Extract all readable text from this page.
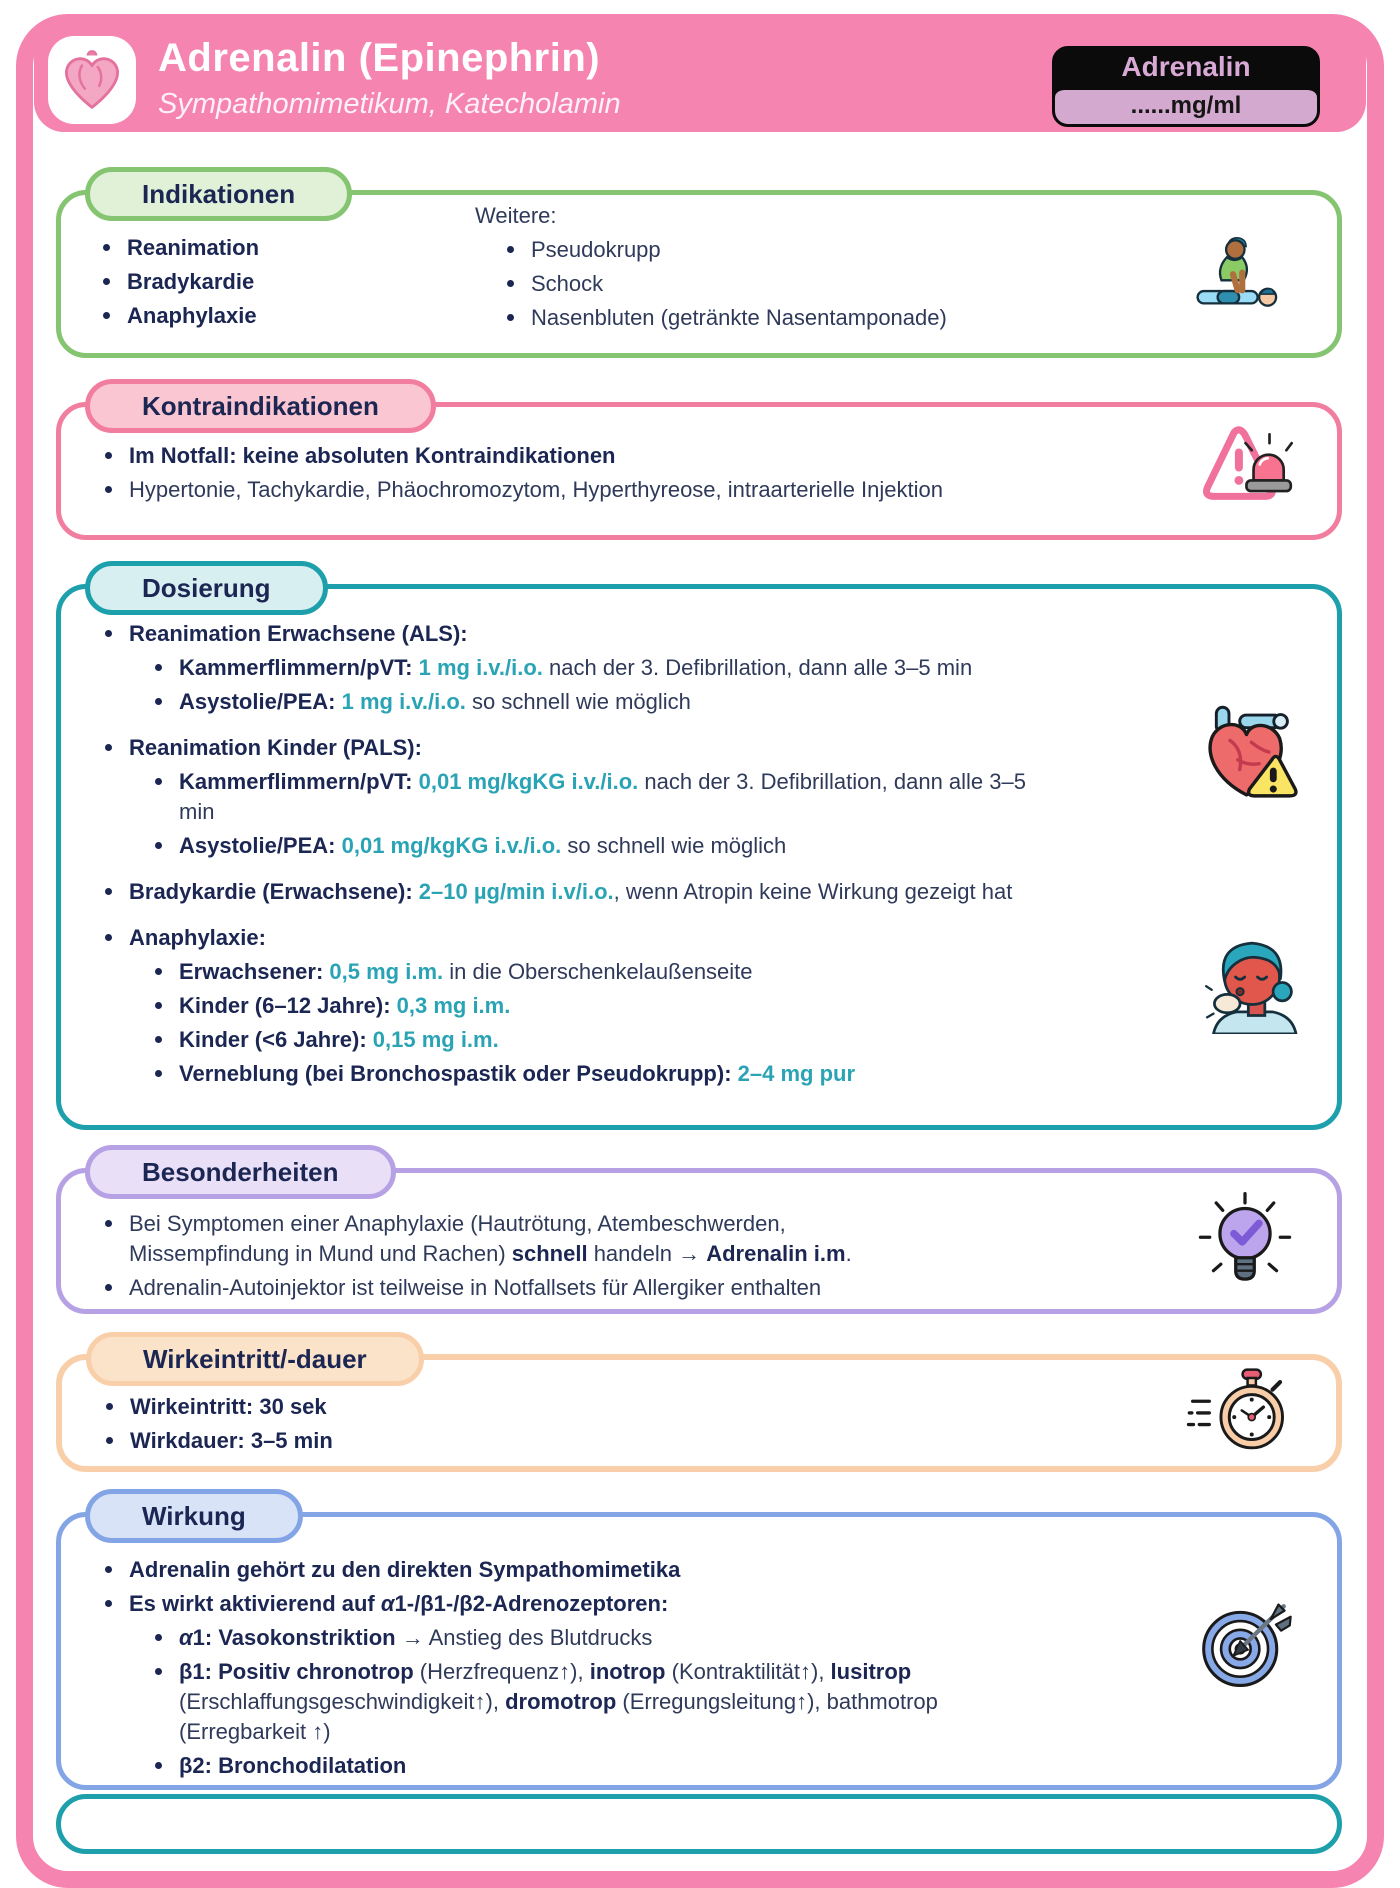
Adrenalin (Epinephrin)
Sympathomimetikum, Katecholamin
Adrenalin
......mg/ml
Indikationen
Reanimation
Bradykardie
Anaphylaxie

Weitere:

Pseudokrupp
Schock
Nasenbluten (getränkte Nasentamponade)
Kontraindikationen
Im Notfall: keine absoluten Kontraindikationen
Hypertonie, Tachykardie, Phäochromozytom, Hyperthyreose, intraarterielle Injektion
Dosierung
Reanimation Erwachsene (ALS):
Kammerflimmern/pVT: 1 mg i.v./i.o. nach der 3. Defibrillation, dann alle 3–5 min
Asystolie/PEA: 1 mg i.v./i.o. so schnell wie möglich
Reanimation Kinder (PALS):
Kammerflimmern/pVT: 0,01 mg/kgKG i.v./i.o. nach der 3. Defibrillation, dann alle 3–5 min
Asystolie/PEA: 0,01 mg/kgKG i.v./i.o. so schnell wie möglich
Bradykardie (Erwachsene): 2–10 µg/min i.v/i.o., wenn Atropin keine Wirkung gezeigt hat
Anaphylaxie:
Erwachsener: 0,5 mg i.m. in die Oberschenkelaußenseite
Kinder (6–12 Jahre): 0,3 mg i.m.
Kinder (<6 Jahre): 0,15 mg i.m.
Verneblung (bei Bronchospastik oder Pseudokrupp): 2–4 mg pur
Besonderheiten
Bei Symptomen einer Anaphylaxie (Hautrötung, Atembeschwerden, Missempfindung in Mund und Rachen) schnell handeln → Adrenalin i.m.
Adrenalin-Autoinjektor ist teilweise in Notfallsets für Allergiker enthalten
Wirkeintritt/-dauer
Wirkeintritt: 30 sek
Wirkdauer: 3–5 min
Wirkung
Adrenalin gehört zu den direkten Sympathomimetika
Es wirkt aktivierend auf α1-/β1-/β2-Adrenozeptoren:
α1: Vasokonstriktion → Anstieg des Blutdrucks
β1: Positiv chronotrop (Herzfrequenz↑), inotrop (Kontraktilität↑), lusitrop (Erschlaffungsgeschwindigkeit↑), dromotrop (Erregungsleitung↑), bathmotrop (Erregbarkeit ↑)
β2: Bronchodilatation
